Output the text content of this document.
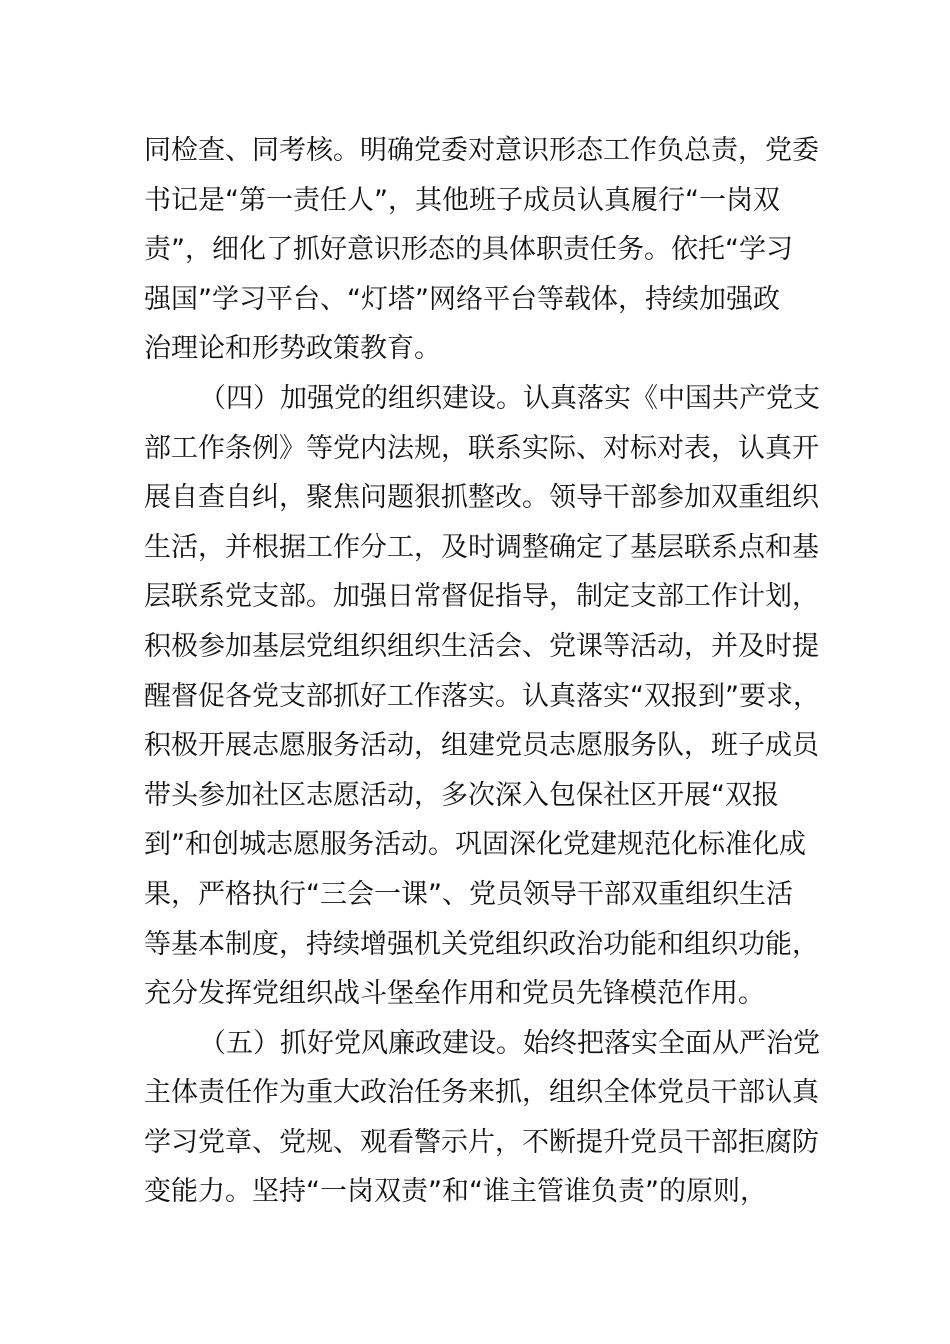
同检查、同考核。明确党委对意识形态工作负总责，党委
书记是“第一责任人”，其他班子成员认真履行“一岗双
责”，细化了抓好意识形态的具体职责任务。依托“学习
强国”学习平台、“灯塔”网络平台等载体，持续加强政
治理论和形势政策教育。
（四）加强党的组织建设。认真落实《中国共产党支
部工作条例》等党内法规，联系实际、对标对表，认真开
展自查自纠，聚焦问题狠抓整改。领导干部参加双重组织
生活，并根据工作分工，及时调整确定了基层联系点和基
层联系党支部。加强日常督促指导，制定支部工作计划，
积极参加基层党组织组织生活会、党课等活动，并及时提
醒督促各党支部抓好工作落实。认真落实“双报到”要求，
积极开展志愿服务活动，组建党员志愿服务队，班子成员
带头参加社区志愿活动，多次深入包保社区开展“双报
到”和创城志愿服务活动。巩固深化党建规范化标准化成
果，严格执行“三会一课”、党员领导干部双重组织生活
等基本制度，持续增强机关党组织政治功能和组织功能，
充分发挥党组织战斗堡垒作用和党员先锋模范作用。
（五）抓好党风廉政建设。始终把落实全面从严治党
主体责任作为重大政治任务来抓，组织全体党员干部认真
学习党章、党规、观看警示片，不断提升党员干部拒腐防
变能力。坚持“一岗双责”和“谁主管谁负责”的原则，
